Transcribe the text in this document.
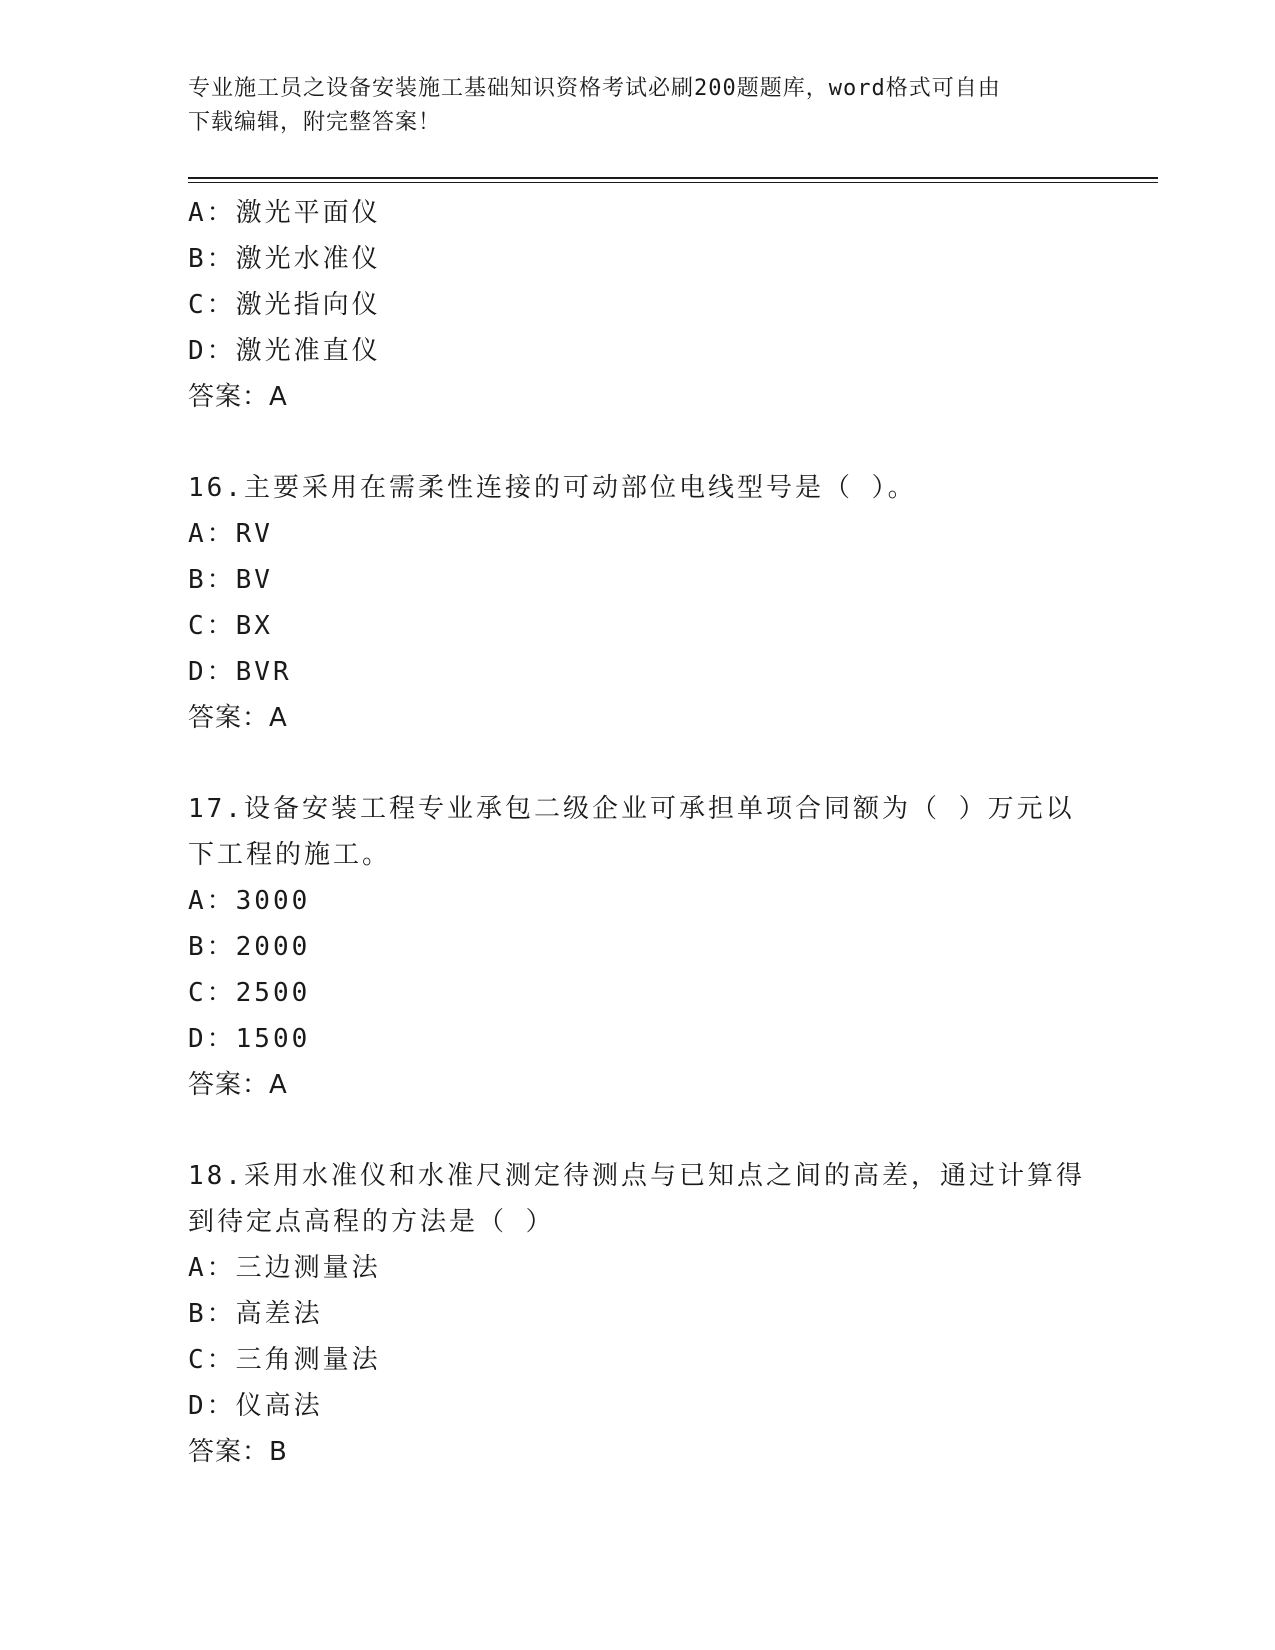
专业施工员之设备安装施工基础知识资格考试必刷200题题库，word格式可自由
下载编辑，附完整答案！
A：激光平面仪
B：激光水准仪
C：激光指向仪
D：激光准直仪
答案：A
16.主要采用在需柔性连接的可动部位电线型号是（ ）。
A：RV
B：BV
C：BX
D：BVR
答案：A
17.设备安装工程专业承包二级企业可承担单项合同额为（ ）万元以
下工程的施工。
A：3000
B：2000
C：2500
D：1500
答案：A
18.采用水准仪和水准尺测定待测点与已知点之间的高差，通过计算得
到待定点高程的方法是（ ）
A：三边测量法
B：高差法
C：三角测量法
D：仪高法
答案：B
